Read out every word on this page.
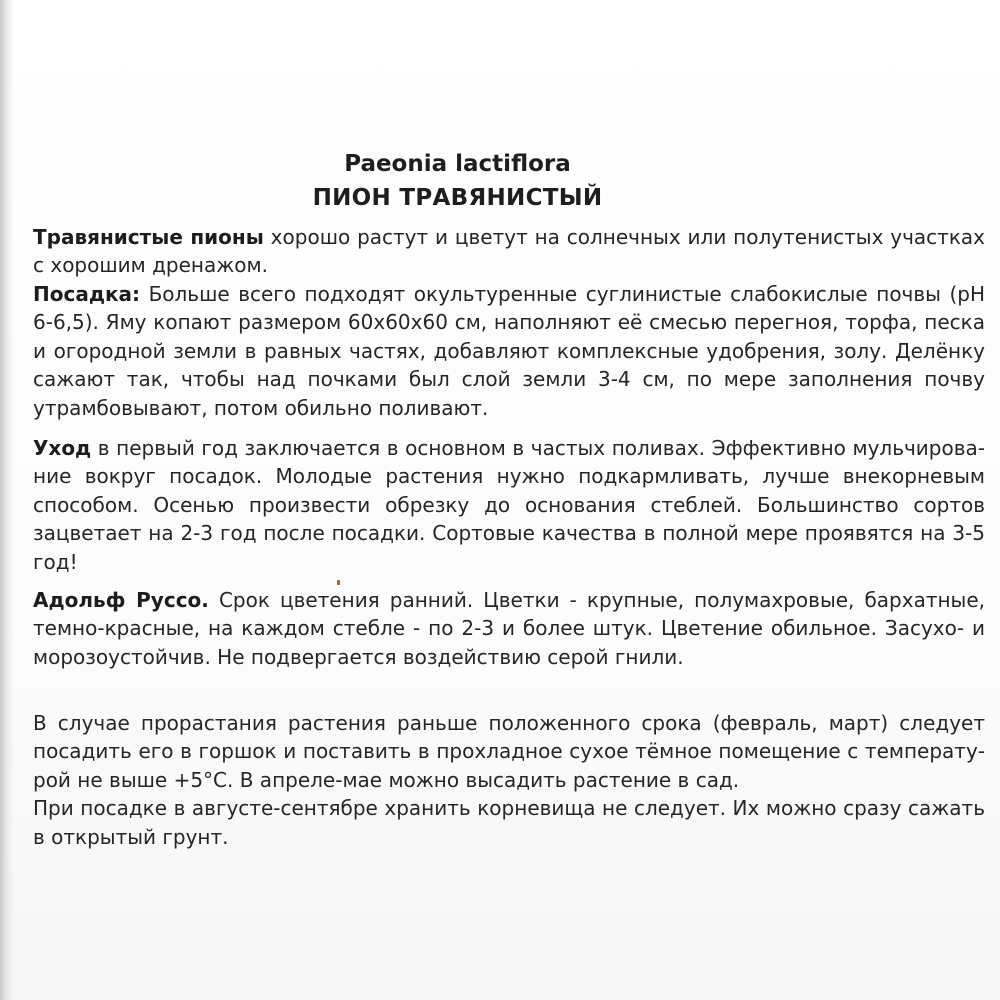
Paeonia lactiflora
ПИОН ТРАВЯНИСТЫЙ
Травянистые пионы хорошо растут и цветут на солнечных или полутенистых участках с хорошим дренажом.
Посадка: Больше всего подходят окультуренные суглинистые слабокислые почвы (рН 6-6,5). Яму копают размером 60х60х60 см, наполняют её смесью перегноя, торфа, песка и огородной земли в равных частях, добавляют комплексные удобрения, золу. Делёнку сажают так, чтобы над почками был слой земли 3-4 см, по мере заполнения почву утрамбовывают, потом обильно поливают.
Уход в первый год заключается в основном в частых поливах. Эффективно мульчирование вокруг посадок. Молодые растения нужно подкармливать, лучше внекорневым способом. Осенью произвести обрезку до основания стеблей. Большинство сортов зацветает на 2-3 год после посадки. Сортовые качества в полной мере проявятся на 3-5 год!
Адольф Руссо. Срок цветения ранний. Цветки - крупные, полумахровые, бархатные, темно-красные, на каждом стебле - по 2-3 и более штук. Цветение обильное. Засухо- и морозоустойчив. Не подвергается воздействию серой гнили.

В случае прорастания растения раньше положенного срока (февраль, март) следует посадить его в горшок и поставить в прохладное сухое тёмное помещение с температурой не выше +5°С. В апреле-мае можно высадить растение в сад.

При посадке в августе-сентябре хранить корневища не следует. Их можно сразу сажать в открытый грунт.
